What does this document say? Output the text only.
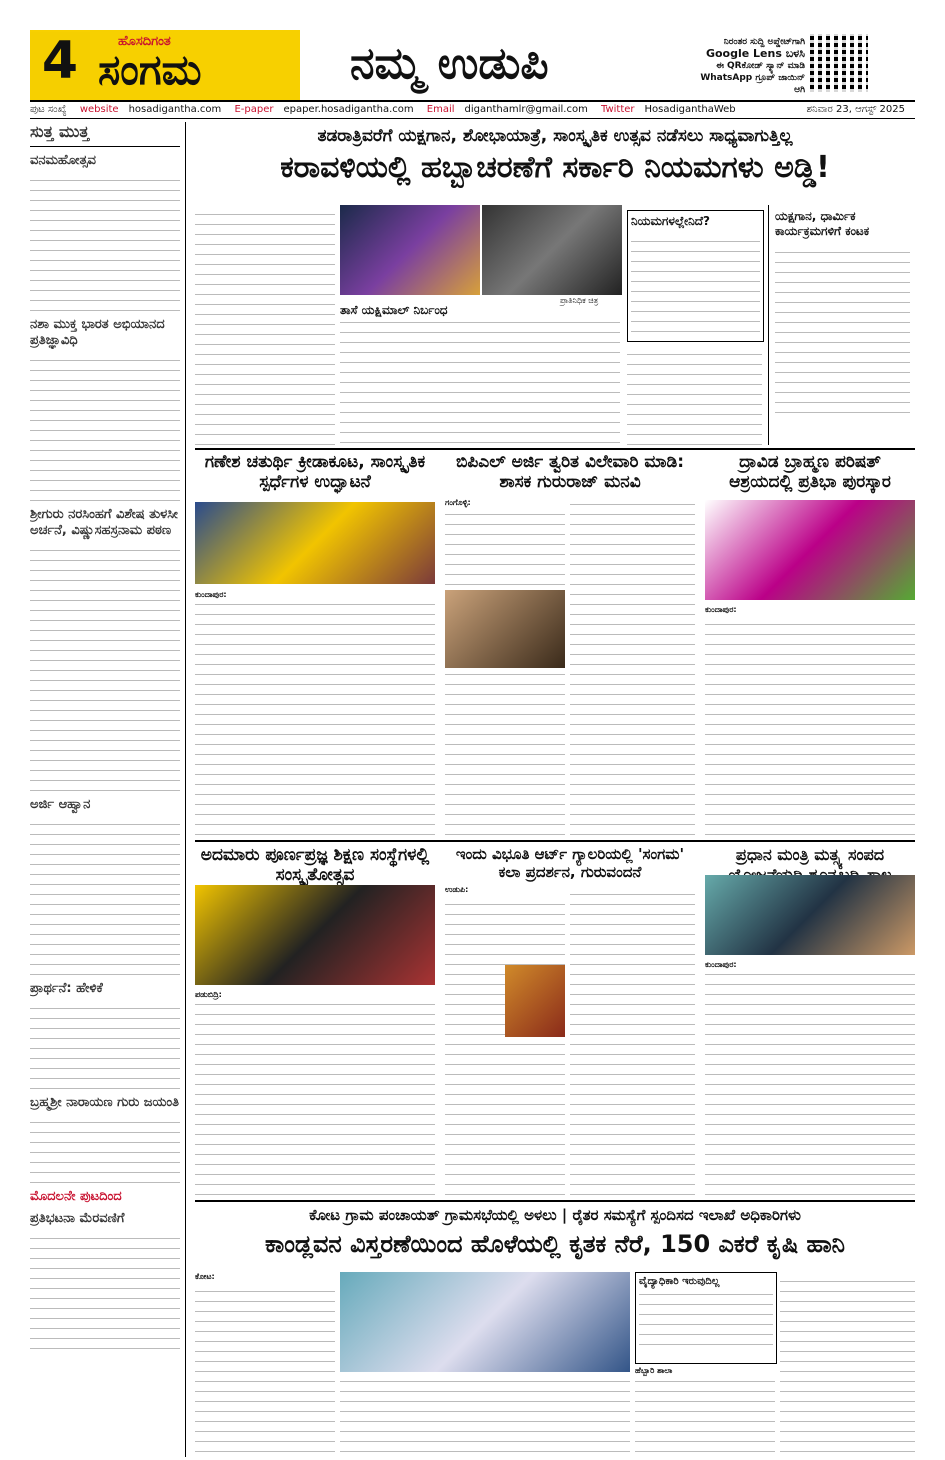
4	ಹೊಸದಿಗಂತ
ಸಂಗಮ	ನಮ್ಮ ಉಡುಪಿ	ನಿರಂತರ ಸುದ್ದಿ ಅಪ್ಡೇಟ್‌ಗಾಗಿ
Google Lens ಬಳಸಿ
ಈ QRಕೋಡ್ ಸ್ಕ್ಯಾನ್ ಮಾಡಿ
WhatsApp ಗ್ರೂಪ್ ಜಾಯಿನ್ ಆಗಿ
ಪುಟ ಸಂಖ್ಯೆ website hosadigantha.com E-paper epaper.hosadigantha.com Email diganthamlr@gmail.com Twitter HosadiganthaWeb	ಶನಿವಾರ 23, ಆಗಸ್ಟ್ 2025
ಸುತ್ತ ಮುತ್ತ
ವನಮಹೋತ್ಸವ
ನಶಾ ಮುಕ್ತ ಭಾರತ ಅಭಿಯಾನದ ಪ್ರತಿಜ್ಞಾವಿಧಿ
ಶ್ರೀಗುರು ನರಸಿಂಹಗೆ ವಿಶೇಷ ತುಳಸೀ ಅರ್ಚನೆ, ವಿಷ್ಣುಸಹಸ್ರನಾಮ ಪಠಣ
ಅರ್ಜಿ ಆಹ್ವಾನ
ಪ್ರಾರ್ಥನೆ: ಹೇಳಿಕೆ
ಬ್ರಹ್ಮಶ್ರೀ ನಾರಾಯಣ ಗುರು ಜಯಂತಿ
ಮೊದಲನೇ ಪುಟದಿಂದ
ಪ್ರತಿಭಟನಾ ಮೆರವಣಿಗೆ
ತಡರಾತ್ರಿವರೆಗೆ ಯಕ್ಷಗಾನ, ಶೋಭಾಯಾತ್ರೆ, ಸಾಂಸ್ಕೃತಿಕ ಉತ್ಸವ ನಡೆಸಲು ಸಾಧ್ಯವಾಗುತ್ತಿಲ್ಲ
ಕರಾವಳಿಯಲ್ಲಿ ಹಬ್ಬಾಚರಣೆಗೆ ಸರ್ಕಾರಿ ನಿಯಮಗಳು ಅಡ್ಡಿ!
ಪ್ರಾತಿನಿಧಿಕ ಚಿತ್ರ
ತಾಸೆ ಯಕ್ಷಿಮಾಲ್ ನಿರ್ಬಂಧ
ನಿಯಮಗಳಲ್ಲೇನಿದೆ?	ಯಕ್ಷಗಾನ, ಧಾರ್ಮಿಕ ಕಾರ್ಯಕ್ರಮಗಳಿಗೆ ಕಂಟಕ
ಗಣೇಶ ಚತುರ್ಥಿ ಕ್ರೀಡಾಕೂಟ, ಸಾಂಸ್ಕೃತಿಕ ಸ್ಪರ್ಧೆಗಳ ಉದ್ಘಾಟನೆ
ಕುಂದಾಪುರ:
ಬಿಪಿಎಲ್ ಅರ್ಜಿ ತ್ವರಿತ ವಿಲೇವಾರಿ ಮಾಡಿ: ಶಾಸಕ ಗುರುರಾಜ್ ಮನವಿ
ಗಂಗೊಳ್ಳಿ:
ದ್ರಾವಿಡ ಬ್ರಾಹ್ಮಣ ಪರಿಷತ್ ಆಶ್ರಯದಲ್ಲಿ ಪ್ರತಿಭಾ ಪುರಸ್ಕಾರ
ಕುಂದಾಪುರ:
ಅದಮಾರು ಪೂರ್ಣಪ್ರಜ್ಞ ಶಿಕ್ಷಣ ಸಂಸ್ಥೆಗಳಲ್ಲಿ ಸಂಸ್ಕೃತೋತ್ಸವ
ಪಡುಬಿದ್ರಿ:
ಇಂದು ವಿಭೂತಿ ಆರ್ಟ್ ಗ್ಯಾಲರಿಯಲ್ಲಿ 'ಸಂಗಮ' ಕಲಾ ಪ್ರದರ್ಶನ, ಗುರುವಂದನೆ
ಉಡುಪಿ:
ಪ್ರಧಾನ ಮಂತ್ರಿ ಮತ್ಸ್ಯ ಸಂಪದ
ಕುಂದಾಪುರ:
ಕೋಟ ಗ್ರಾಮ ಪಂಚಾಯತ್ ಗ್ರಾಮಸಭೆಯಲ್ಲಿ ಅಳಲು | ರೈತರ ಸಮಸ್ಯೆಗೆ ಸ್ಪಂದಿಸದ ಇಲಾಖೆ ಅಧಿಕಾರಿಗಳು
ಕಾಂಡ್ಲವನ ವಿಸ್ತರಣೆಯಿಂದ ಹೊಳೆಯಲ್ಲಿ ಕೃತಕ ನೆರೆ, 150 ಎಕರೆ ಕೃಷಿ ಹಾನಿ
ಕೋಟ:	ವೈದ್ಯಾಧಿಕಾರಿ ಇರುವುದಿಲ್ಲ
ಹೆಬ್ಬಾರಿ ಶಾಲಾ
